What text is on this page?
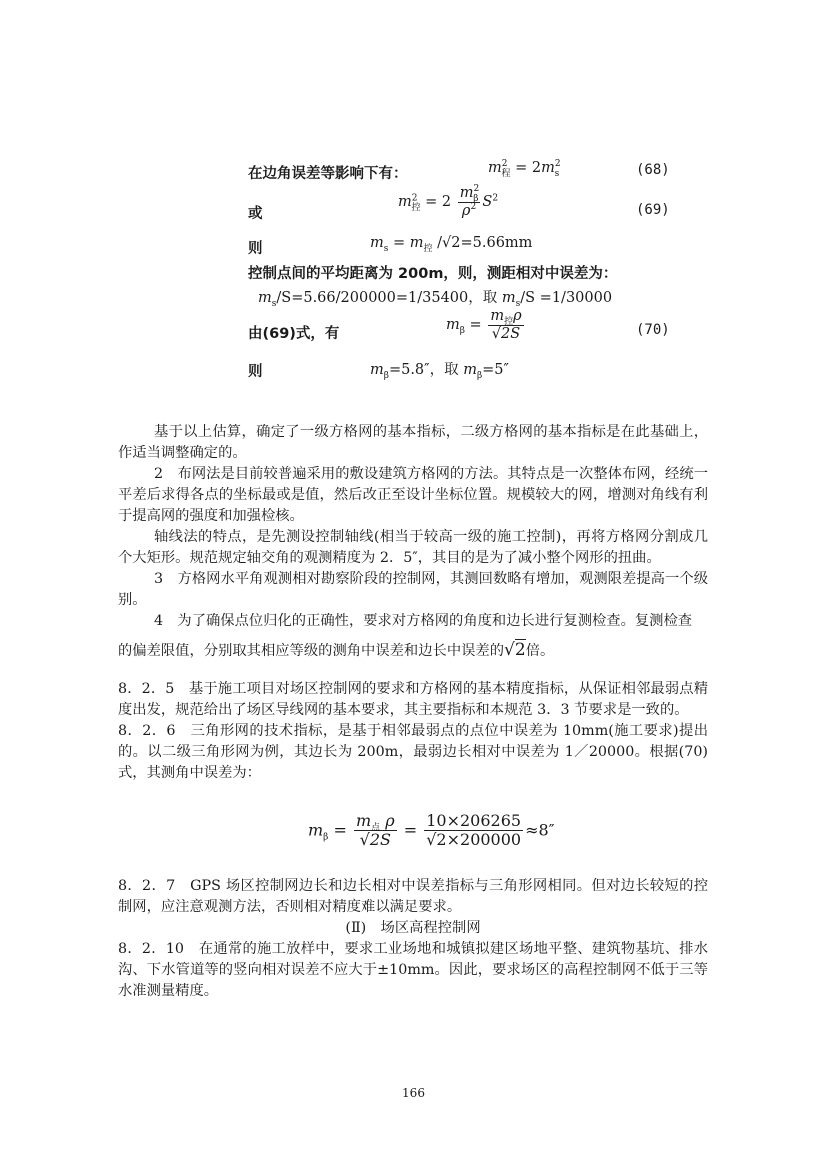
在边角误差等影响下有：	$m^2_程 = 2m^2_s$	(68)
或
$m^2_控 = 2 \frac{m^2_\beta}{\rho^2} S^2$
(69)
则	$m_s = m_控$ /√2=5.66mm
控制点间的平均距离为 200m，则，测距相对中误差为：
$m_s/S=5.66/200000=1/35400$，取 $m_s/S =1/30000$
由(69)式，有
$m_\beta = \frac{m_控\rho}{√2S}$	(70)
则	$m_\beta=5.8''$，取 $m_\beta=5''$

基于以上估算，确定了一级方格网的基本指标，二级方格网的基本指标是在此基础上，作适当调整确定的。

2　布网法是目前较普遍采用的敷设建筑方格网的方法。其特点是一次整体布网，经统一平差后求得各点的坐标最或是值，然后改正至设计坐标位置。规模较大的网，增测对角线有利于提高网的强度和加强检核。

轴线法的特点，是先测设控制轴线(相当于较高一级的施工控制)，再将方格网分割成几个大矩形。规范规定轴交角的观测精度为 2．5″，其目的是为了减小整个网形的扭曲。

3　方格网水平角观测相对勘察阶段的控制网，其测回数略有增加，观测限差提高一个级别。

4　为了确保点位归化的正确性，要求对方格网的角度和边长进行复测检查。复测检查

的偏差限值，分别取其相应等级的测角中误差和边长中误差的√2倍。

8．2．5　基于施工项目对场区控制网的要求和方格网的基本精度指标，从保证相邻最弱点精度出发，规范给出了场区导线网的基本要求，其主要指标和本规范 3．3 节要求是一致的。

8．2．6　三角形网的技术指标，是基于相邻最弱点的点位中误差为 10mm(施工要求)提出的。以二级三角形网为例，其边长为 200m，最弱边长相对中误差为 1／20000。根据(70)式，其测角中误差为：

$m_\beta = \frac{m_点 \rho}{√2S} = \frac{10\times 206265}{√2\times 200000} \approx 8''$

8．2．7　GPS 场区控制网边长和边长相对中误差指标与三角形网相同。但对边长较短的控制网，应注意观测方法，否则相对精度难以满足要求。

(Ⅱ)　场区高程控制网

8．2．10　在通常的施工放样中，要求工业场地和城镇拟建区场地平整、建筑物基坑、排水沟、下水管道等的竖向相对误差不应大于±10mm。因此，要求场区的高程控制网不低于三等水准测量精度。

166
